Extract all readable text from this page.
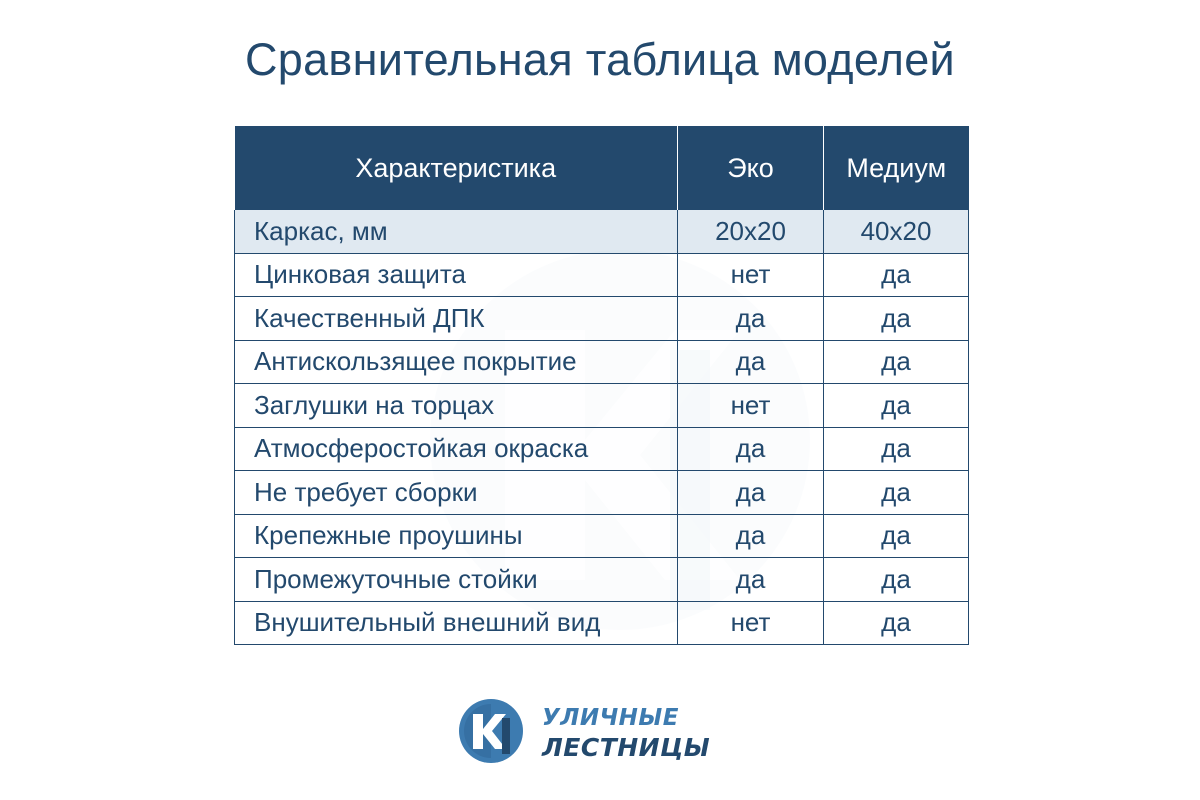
Сравнительная таблица моделей
Характеристика	Эко	Медиум
Каркас, мм	20x20	40x20
Цинковая защита	нет	да
Качественный ДПК	да	да
Антискользящее покрытие	да	да
Заглушки на торцах	нет	да
Атмосферостойкая окраска	да	да
Не требует сборки	да	да
Крепежные проушины	да	да
Промежуточные стойки	да	да
Внушительный внешний вид	нет	да
УЛИЧНЫЕ
ЛЕСТНИЦЫ
